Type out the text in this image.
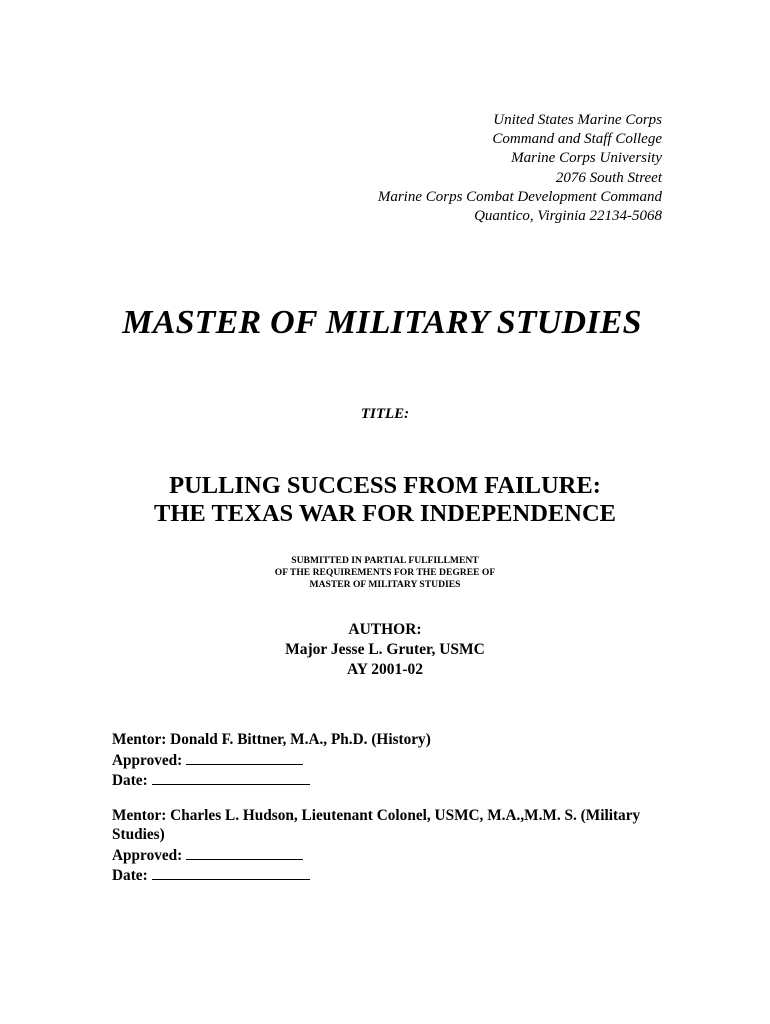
United States Marine Corps
Command and Staff College
Marine Corps University
2076 South Street
Marine Corps Combat Development Command
Quantico, Virginia 22134-5068
MASTER OF MILITARY STUDIES
TITLE:
PULLING SUCCESS FROM FAILURE:
THE TEXAS WAR FOR INDEPENDENCE
SUBMITTED IN PARTIAL FULFILLMENT
OF THE REQUIREMENTS FOR THE DEGREE OF
MASTER OF MILITARY STUDIES
AUTHOR:
Major Jesse L. Gruter, USMC
AY 2001-02
Mentor: Donald F. Bittner, M.A., Ph.D. (History)
Approved:
Date:
Mentor: Charles L. Hudson, Lieutenant Colonel, USMC, M.A.,M.M. S. (Military
Studies)
Approved:
Date:
